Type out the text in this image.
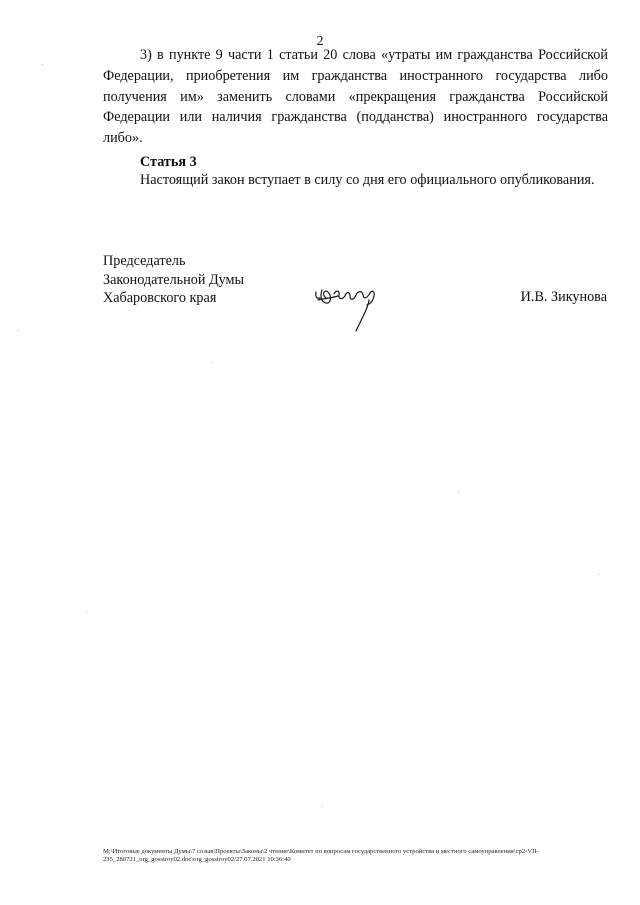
2

3) в пункте 9 части 1 статьи 20 слова «утраты им гражданства Российской Федерации, приобретения им гражданства иностранного государства либо получения им» заменить словами «прекращения гражданства Российской Федерации или наличия гражданства (подданства) иностранного государства либо».

Статья 3
Настоящий закон вступает в силу со дня его официального опубликования.
Председатель
Законодательной Думы
Хабаровского края	И.В. Зикунова
M:\Итоговые документы Думы\7 созыв\Проекты\Законы\2 чтение\Комитет по вопросам государственного устройства и местного самоуправления\ср2-VII-
235_280721_org_gosstroy02.doc\org_gosstroy02/27.07.2021 10:36:40
